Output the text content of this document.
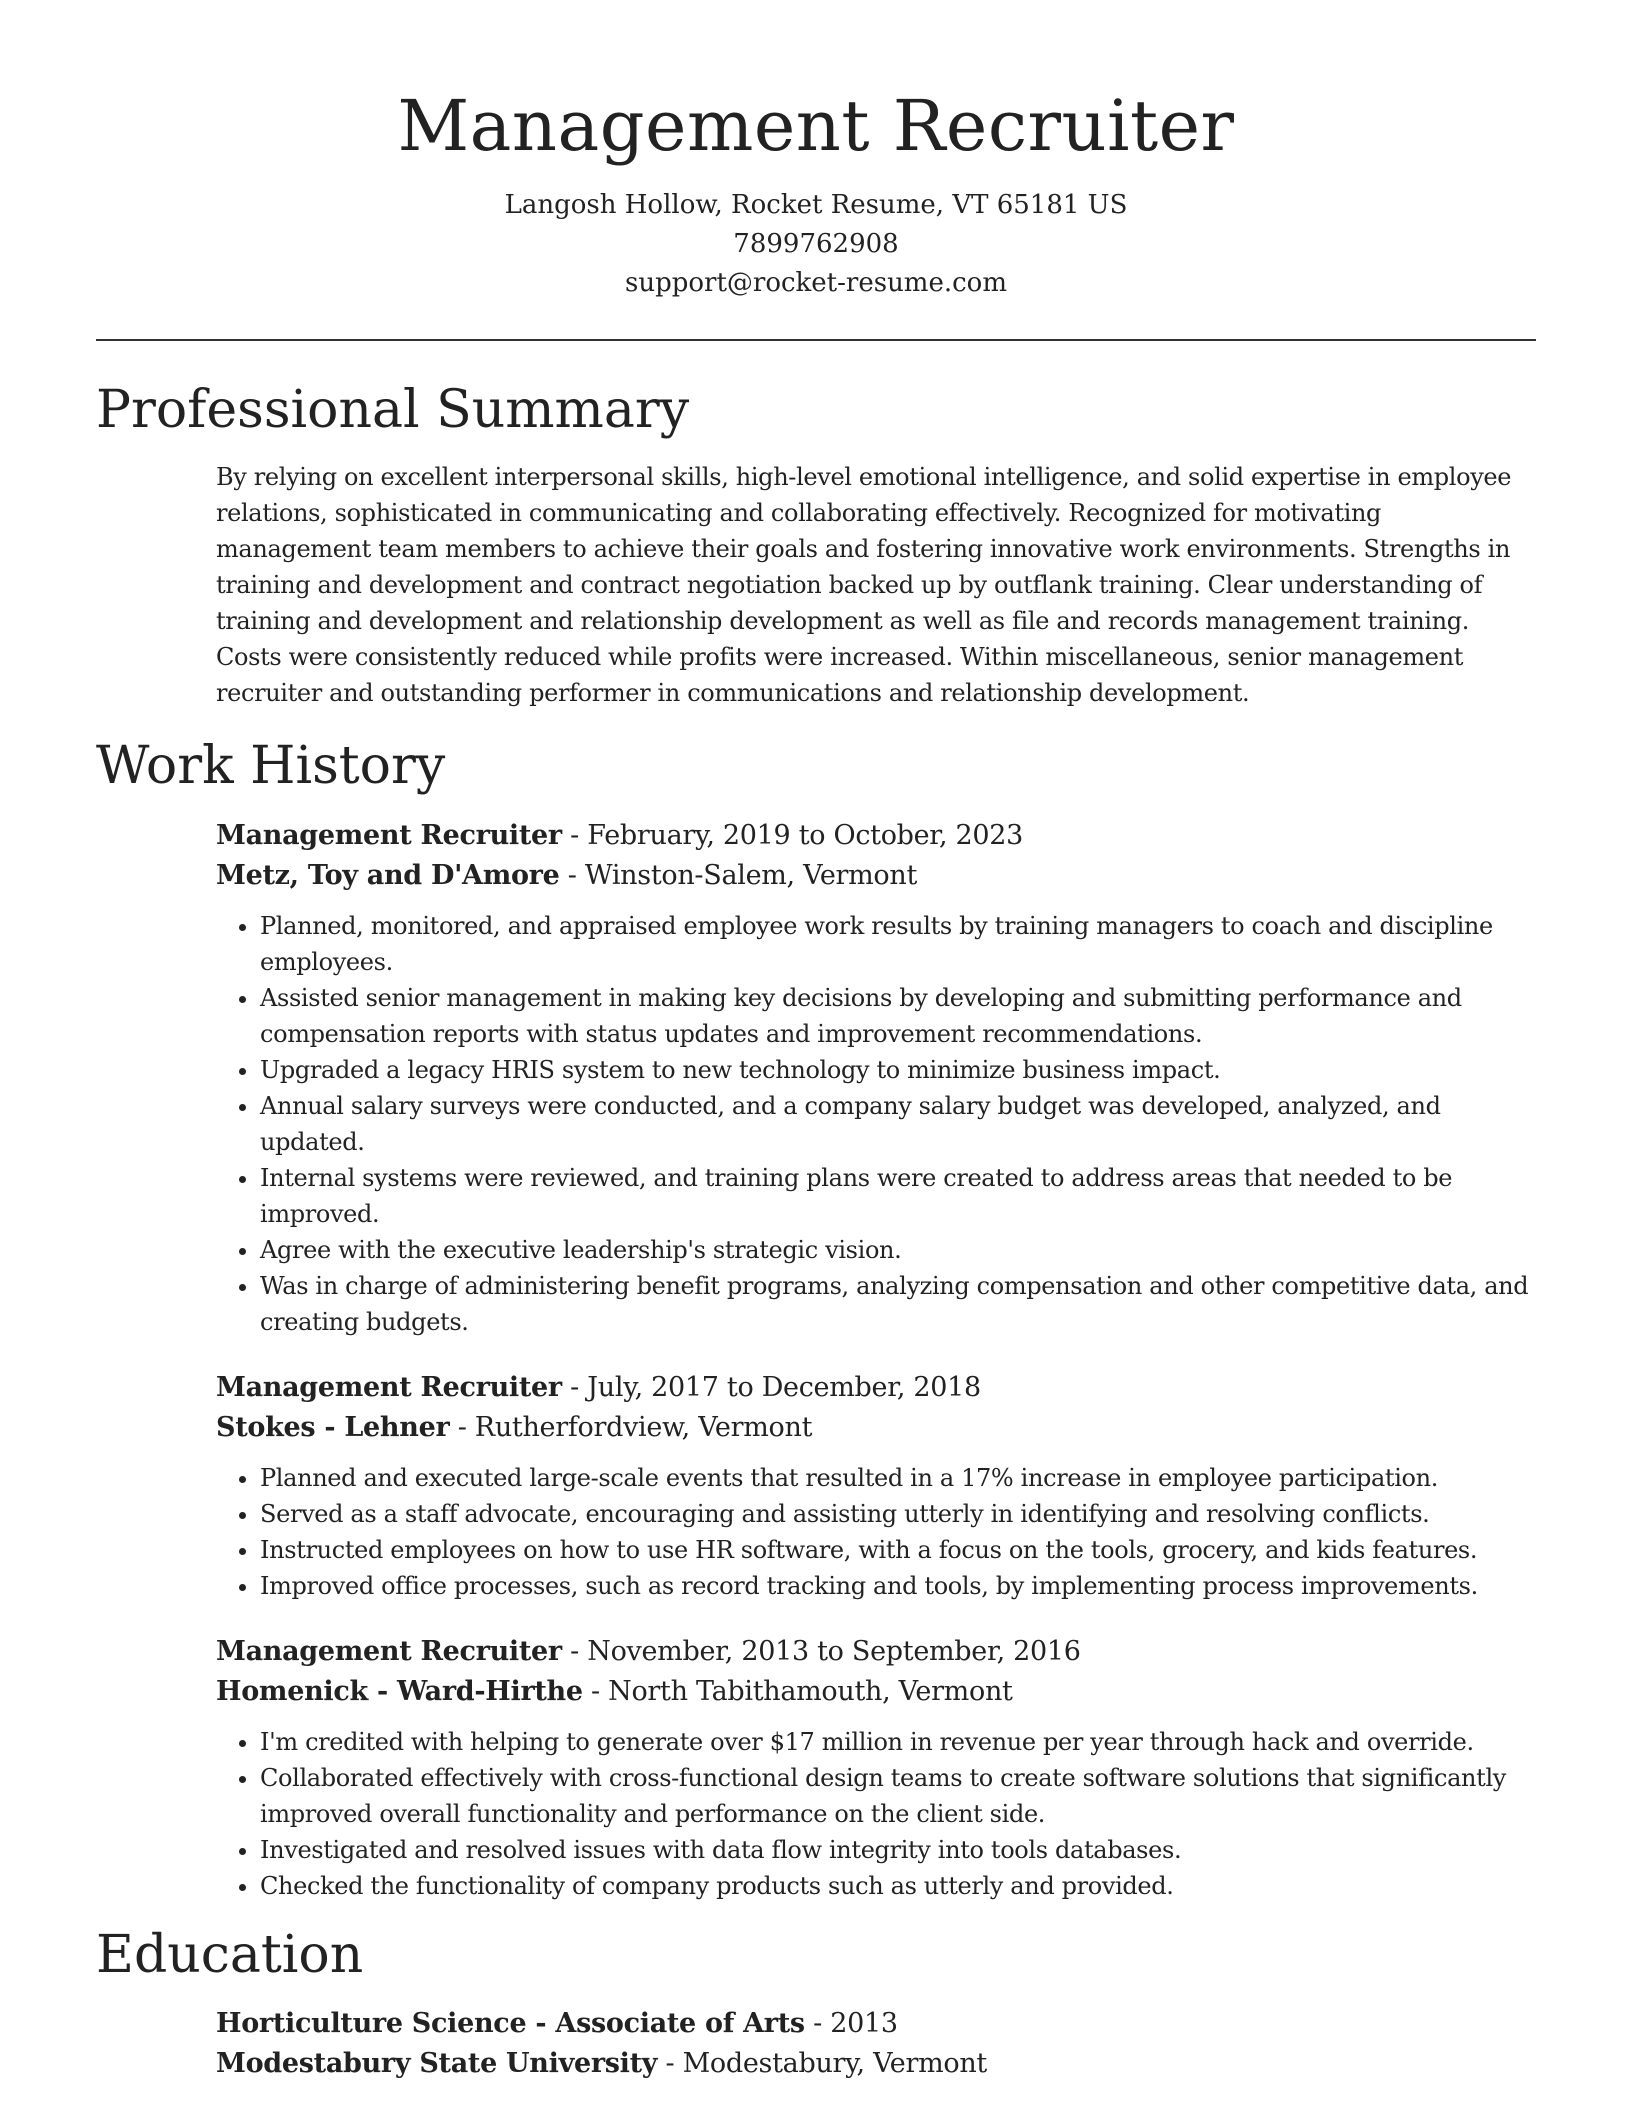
Management Recruiter
Langosh Hollow, Rocket Resume, VT 65181 US
7899762908
support@rocket-resume.com
Professional Summary

By relying on excellent interpersonal skills, high-level emotional intelligence, and solid expertise in employee relations, sophisticated in communicating and collaborating effectively. Recognized for motivating management team members to achieve their goals and fostering innovative work environments. Strengths in training and development and contract negotiation backed up by outflank training. Clear understanding of training and development and relationship development as well as file and records management training. Costs were consistently reduced while profits were increased. Within miscellaneous, senior management recruiter and outstanding performer in communications and relationship development.

Work History
Management Recruiter - February, 2019 to October, 2023
Metz, Toy and D'Amore - Winston-Salem, Vermont
• Planned, monitored, and appraised employee work results by training managers to coach and discipline employees.
• Assisted senior management in making key decisions by developing and submitting performance and compensation reports with status updates and improvement recommendations.
• Upgraded a legacy HRIS system to new technology to minimize business impact.
• Annual salary surveys were conducted, and a company salary budget was developed, analyzed, and updated.
• Internal systems were reviewed, and training plans were created to address areas that needed to be improved.
• Agree with the executive leadership's strategic vision.
• Was in charge of administering benefit programs, analyzing compensation and other competitive data, and creating budgets.
Management Recruiter - July, 2017 to December, 2018
Stokes - Lehner - Rutherfordview, Vermont
• Planned and executed large-scale events that resulted in a 17% increase in employee participation.
• Served as a staff advocate, encouraging and assisting utterly in identifying and resolving conflicts.
• Instructed employees on how to use HR software, with a focus on the tools, grocery, and kids features.
• Improved office processes, such as record tracking and tools, by implementing process improvements.
Management Recruiter - November, 2013 to September, 2016
Homenick - Ward-Hirthe - North Tabithamouth, Vermont
• I'm credited with helping to generate over $17 million in revenue per year through hack and override.
• Collaborated effectively with cross-functional design teams to create software solutions that significantly improved overall functionality and performance on the client side.
• Investigated and resolved issues with data flow integrity into tools databases.
• Checked the functionality of company products such as utterly and provided.
Education
Horticulture Science - Associate of Arts - 2013
Modestabury State University - Modestabury, Vermont
